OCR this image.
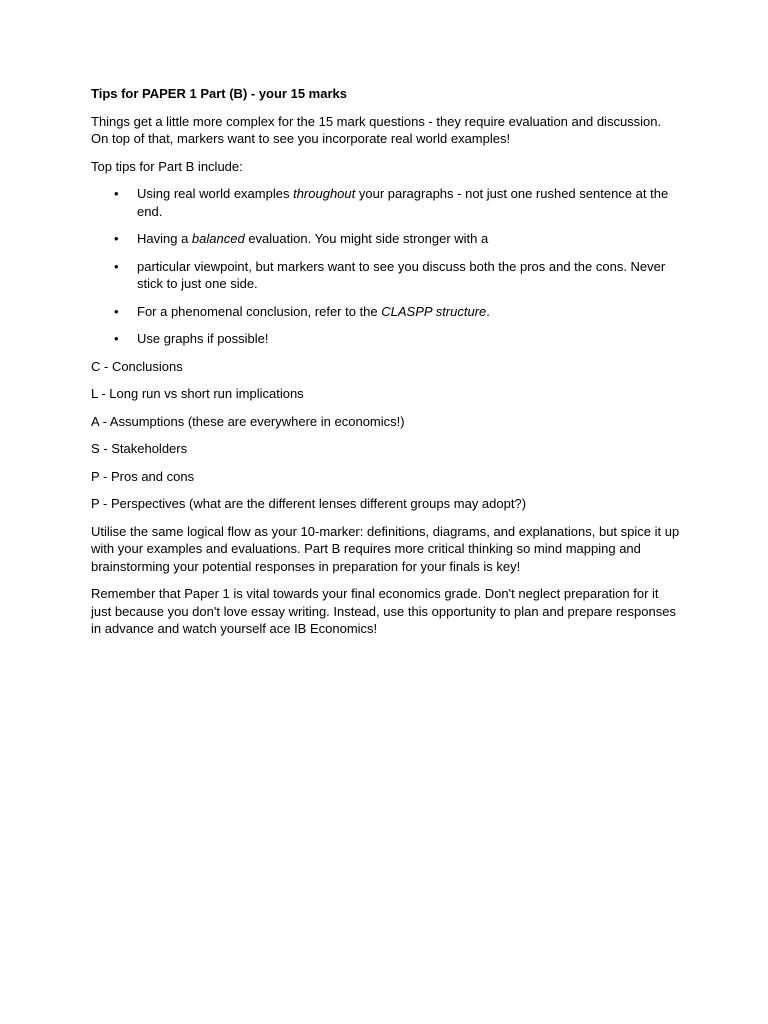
Tips for PAPER 1 Part (B) - your 15 marks

Things get a little more complex for the 15 mark questions - they require evaluation and discussion. On top of that, markers want to see you incorporate real world examples!

Top tips for Part B include:

•	Using real world examples throughout your paragraphs - not just one rushed sentence at the end.
•	Having a balanced evaluation. You might side stronger with a
•	particular viewpoint, but markers want to see you discuss both the pros and the cons. Never stick to just one side.
•	For a phenomenal conclusion, refer to the CLASPP structure.
•	Use graphs if possible!

C - Conclusions

L - Long run vs short run implications

A - Assumptions (these are everywhere in economics!)

S - Stakeholders

P - Pros and cons

P - Perspectives (what are the different lenses different groups may adopt?)

Utilise the same logical flow as your 10-marker: definitions, diagrams, and explanations, but spice it up with your examples and evaluations. Part B requires more critical thinking so mind mapping and brainstorming your potential responses in preparation for your finals is key!

Remember that Paper 1 is vital towards your final economics grade. Don't neglect preparation for it just because you don't love essay writing. Instead, use this opportunity to plan and prepare responses in advance and watch yourself ace IB Economics!
